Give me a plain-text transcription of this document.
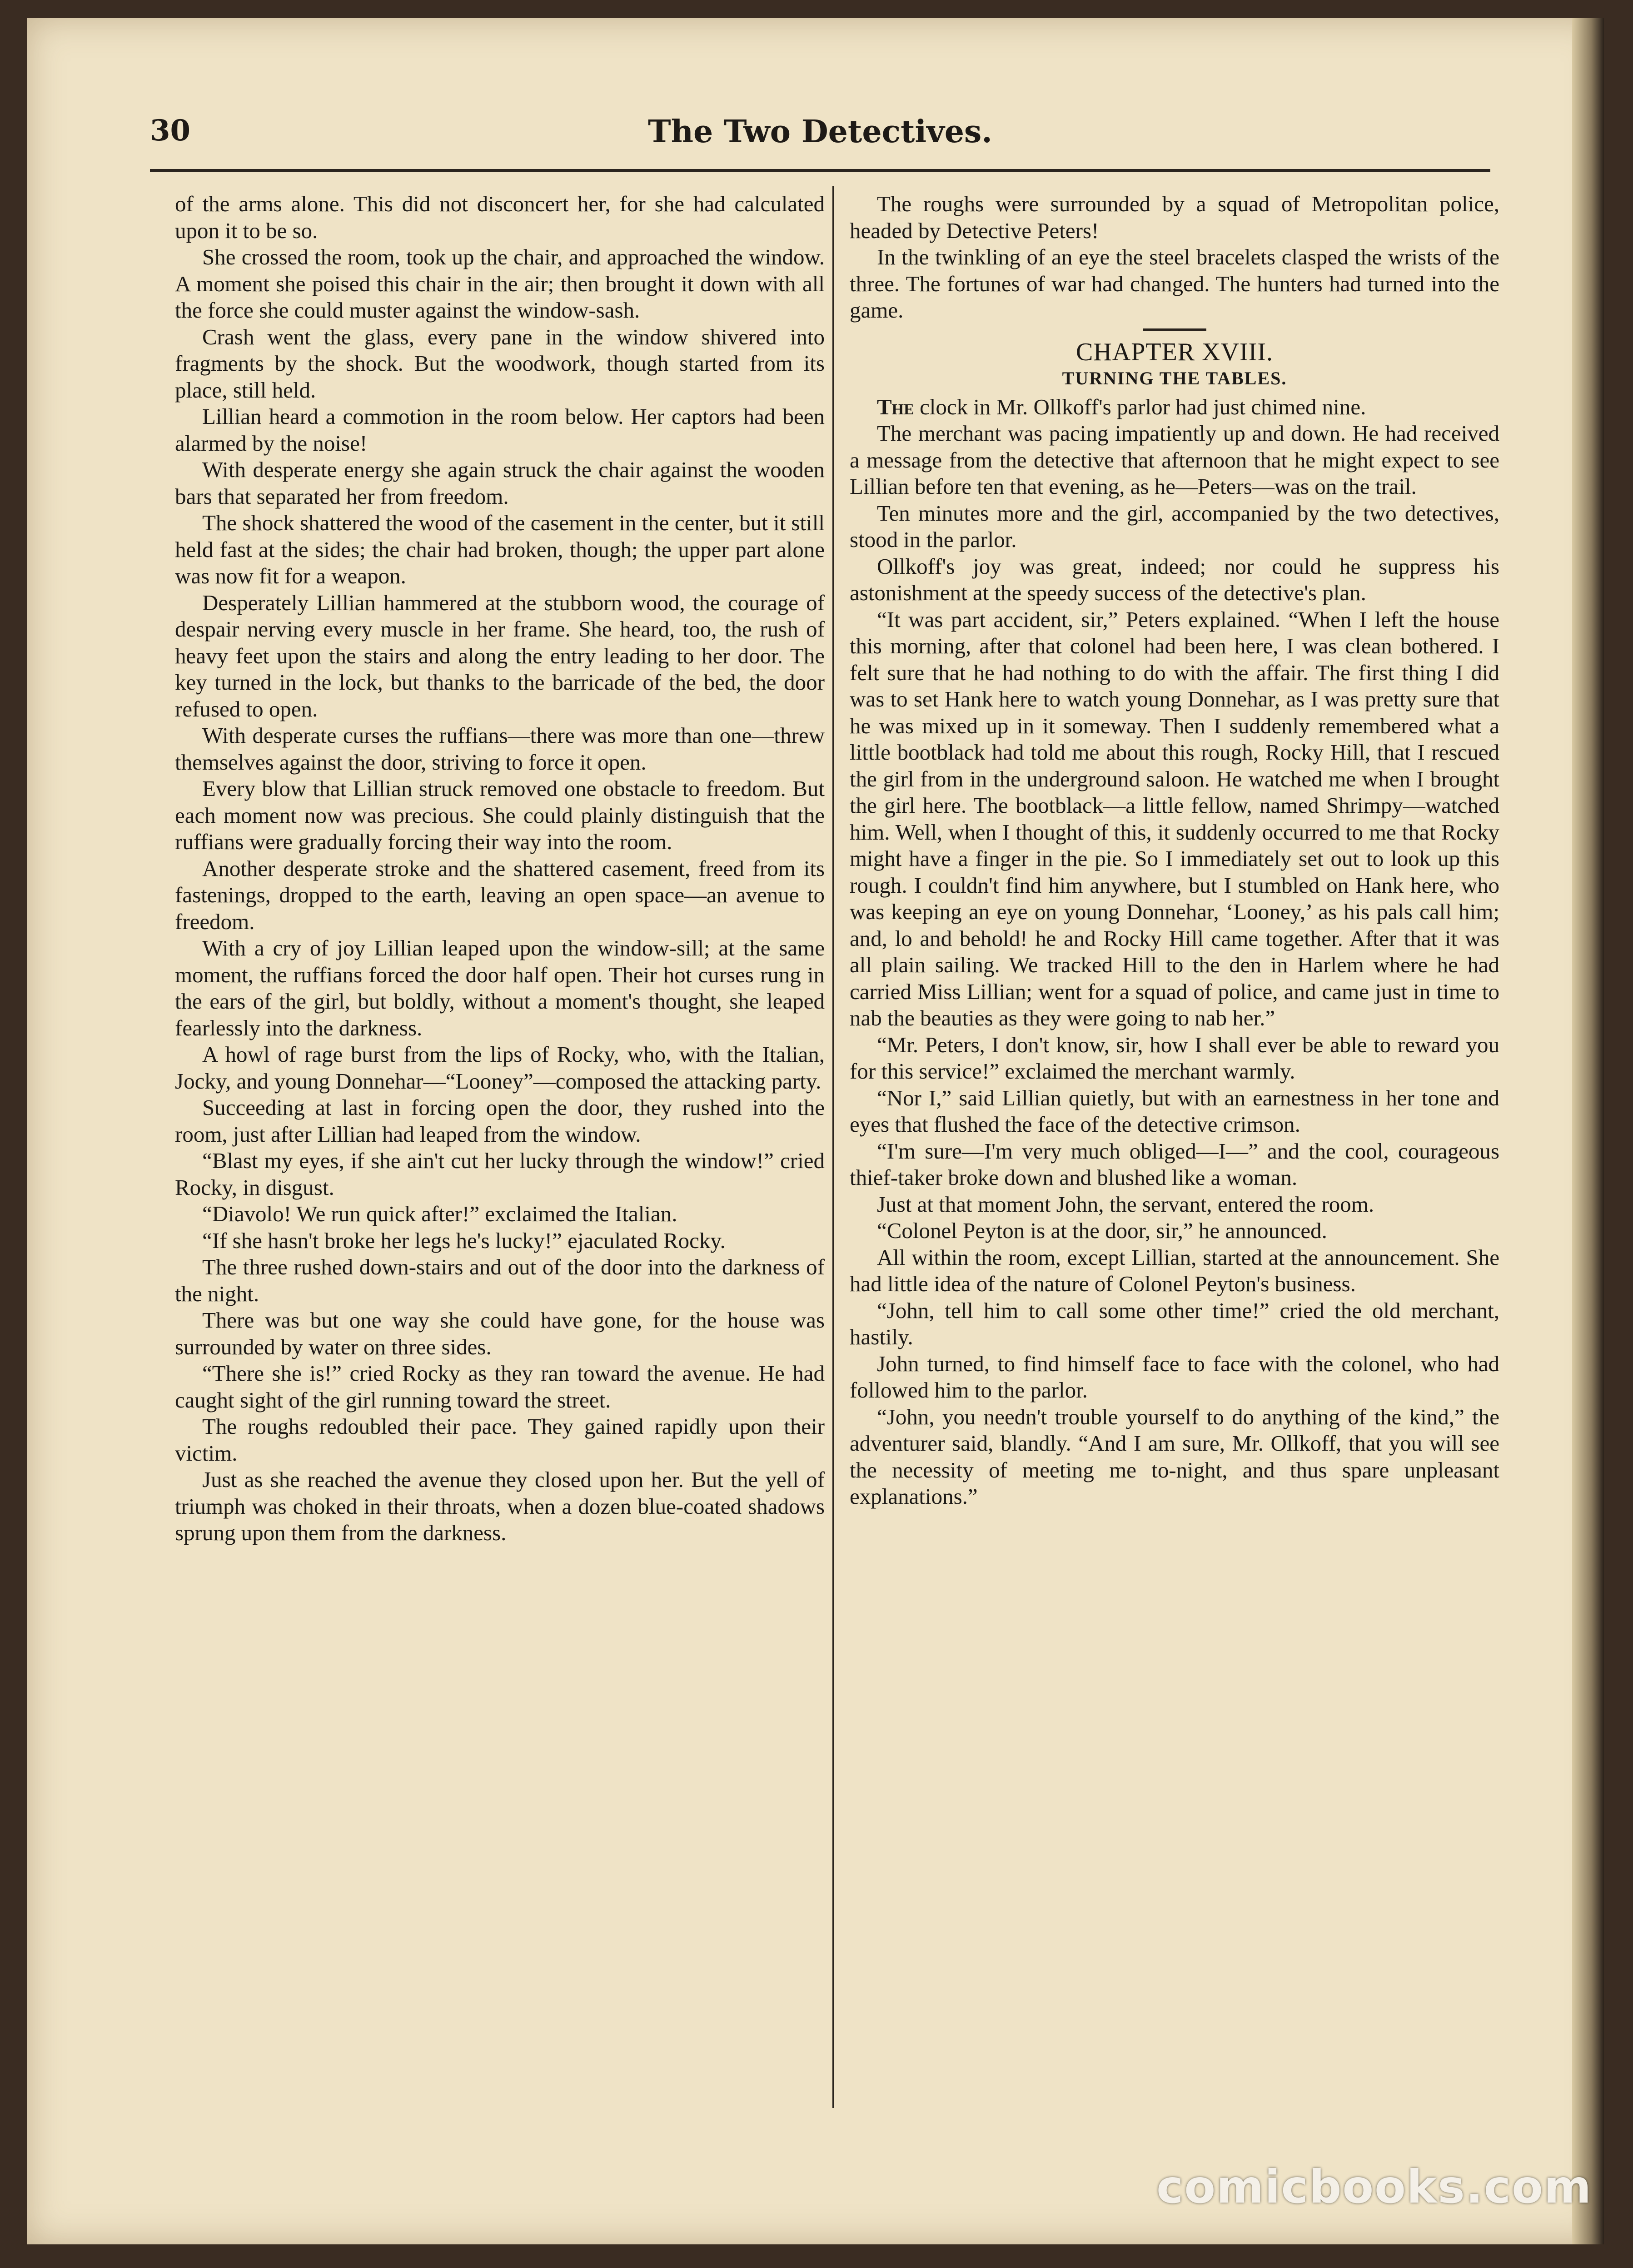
30	The Two Detectives.

of the arms alone. This did not disconcert her, for she had calculated upon it to be so.

She crossed the room, took up the chair, and approached the window. A moment she poised this chair in the air; then brought it down with all the force she could muster against the window-sash.

Crash went the glass, every pane in the window shivered into fragments by the shock. But the woodwork, though started from its place, still held.

Lillian heard a commotion in the room below. Her captors had been alarmed by the noise!

With desperate energy she again struck the chair against the wooden bars that separated her from freedom.

The shock shattered the wood of the casement in the center, but it still held fast at the sides; the chair had broken, though; the upper part alone was now fit for a weapon.

Desperately Lillian hammered at the stubborn wood, the courage of despair nerving every muscle in her frame. She heard, too, the rush of heavy feet upon the stairs and along the entry leading to her door. The key turned in the lock, but thanks to the barricade of the bed, the door refused to open.

With desperate curses the ruffians—there was more than one—threw themselves against the door, striving to force it open.

Every blow that Lillian struck removed one obstacle to freedom. But each moment now was precious. She could plainly distinguish that the ruffians were gradually forcing their way into the room.

Another desperate stroke and the shattered casement, freed from its fastenings, dropped to the earth, leaving an open space—an avenue to freedom.

With a cry of joy Lillian leaped upon the window-sill; at the same moment, the ruffians forced the door half open. Their hot curses rung in the ears of the girl, but boldly, without a moment's thought, she leaped fearlessly into the darkness.

A howl of rage burst from the lips of Rocky, who, with the Italian, Jocky, and young Donnehar—“Looney”—composed the attacking party.

Succeeding at last in forcing open the door, they rushed into the room, just after Lillian had leaped from the window.

“Blast my eyes, if she ain't cut her lucky through the window!” cried Rocky, in disgust.

“Diavolo! We run quick after!” exclaimed the Italian.

“If she hasn't broke her legs he's lucky!” ejaculated Rocky.

The three rushed down-stairs and out of the door into the darkness of the night.

There was but one way she could have gone, for the house was surrounded by water on three sides.

“There she is!” cried Rocky as they ran toward the avenue. He had caught sight of the girl running toward the street.

The roughs redoubled their pace. They gained rapidly upon their victim.

Just as she reached the avenue they closed upon her. But the yell of triumph was choked in their throats, when a dozen blue-coated shadows sprung upon them from the darkness.

The roughs were surrounded by a squad of Metropolitan police, headed by Detective Peters!

In the twinkling of an eye the steel bracelets clasped the wrists of the three. The fortunes of war had changed. The hunters had turned into the game.

CHAPTER XVIII.
TURNING THE TABLES.

The clock in Mr. Ollkoff's parlor had just chimed nine.

The merchant was pacing impatiently up and down. He had received a message from the detective that afternoon that he might expect to see Lillian before ten that evening, as he—Peters—was on the trail.

Ten minutes more and the girl, accompanied by the two detectives, stood in the parlor.

Ollkoff's joy was great, indeed; nor could he suppress his astonishment at the speedy success of the detective's plan.

“It was part accident, sir,” Peters explained. “When I left the house this morning, after that colonel had been here, I was clean bothered. I felt sure that he had nothing to do with the affair. The first thing I did was to set Hank here to watch young Donnehar, as I was pretty sure that he was mixed up in it someway. Then I suddenly remembered what a little bootblack had told me about this rough, Rocky Hill, that I rescued the girl from in the underground saloon. He watched me when I brought the girl here. The bootblack—a little fellow, named Shrimpy—watched him. Well, when I thought of this, it suddenly occurred to me that Rocky might have a finger in the pie. So I immediately set out to look up this rough. I couldn't find him anywhere, but I stumbled on Hank here, who was keeping an eye on young Donnehar, ‘Looney,’ as his pals call him; and, lo and behold! he and Rocky Hill came together. After that it was all plain sailing. We tracked Hill to the den in Harlem where he had carried Miss Lillian; went for a squad of police, and came just in time to nab the beauties as they were going to nab her.”

“Mr. Peters, I don't know, sir, how I shall ever be able to reward you for this service!” exclaimed the merchant warmly.

“Nor I,” said Lillian quietly, but with an earnestness in her tone and eyes that flushed the face of the detective crimson.

“I'm sure—I'm very much obliged—I—” and the cool, courageous thief-taker broke down and blushed like a woman.

Just at that moment John, the servant, entered the room.

“Colonel Peyton is at the door, sir,” he announced.

All within the room, except Lillian, started at the announcement. She had little idea of the nature of Colonel Peyton's business.

“John, tell him to call some other time!” cried the old merchant, hastily.

John turned, to find himself face to face with the colonel, who had followed him to the parlor.

“John, you needn't trouble yourself to do anything of the kind,” the adventurer said, blandly. “And I am sure, Mr. Ollkoff, that you will see the necessity of meeting me to-night, and thus spare unpleasant explanations.”

comicbooks.com
